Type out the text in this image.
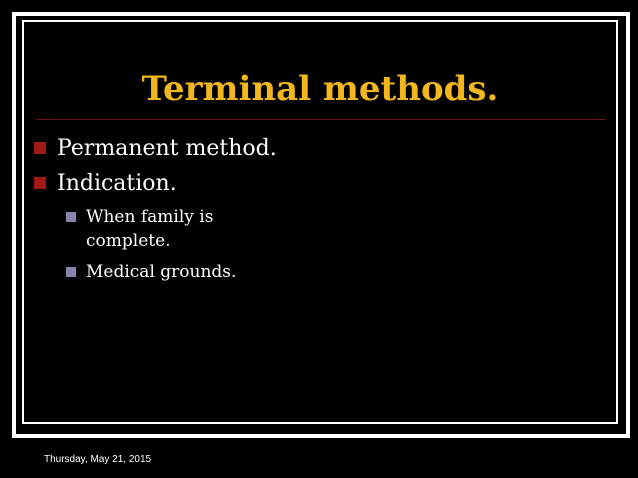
Terminal methods.
Permanent method.
Indication.
When family is
complete.
Medical grounds.
Thursday, May 21, 2015
